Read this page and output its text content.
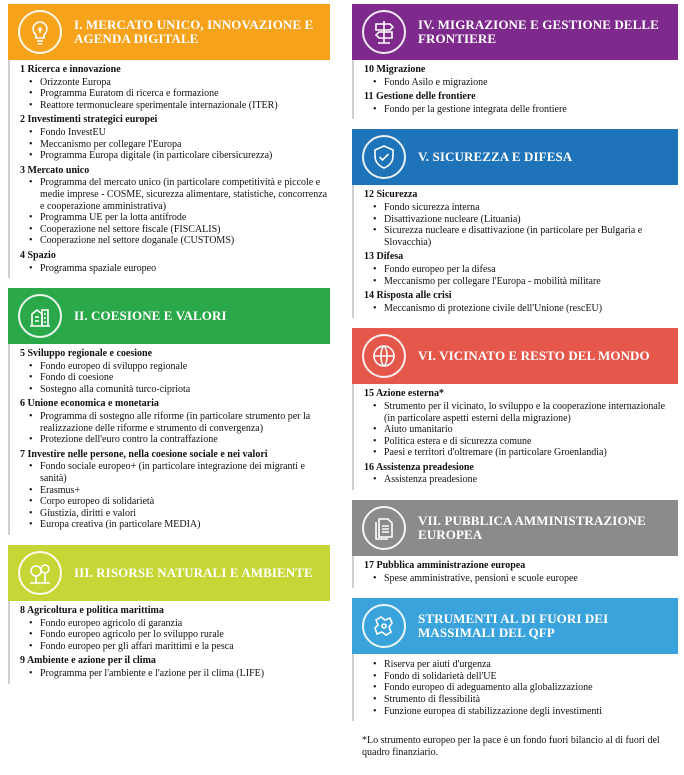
I. MERCATO UNICO, INNOVAZIONE E AGENDA DIGITALE
1 Ricerca e innovazione
• Orizzonte Europa
• Programma Euratom di ricerca e formazione
• Reattore termonucleare sperimentale internazionale (ITER)
2 Investimenti strategici europei
• Fondo InvestEU
• Meccanismo per collegare l'Europa
• Programma Europa digitale (in particolare cibersicurezza)
3 Mercato unico
• Programma del mercato unico (in particolare competitività e piccole e medie imprese - COSME, sicurezza alimentare, statistiche, concorrenza e cooperazione amministrativa)
• Programma UE per la lotta antifrode
• Cooperazione nel settore fiscale (FISCALIS)
• Cooperazione nel settore doganale (CUSTOMS)
4 Spazio
• Programma spaziale europeo
II. COESIONE E VALORI
5 Sviluppo regionale e coesione
• Fondo europeo di sviluppo regionale
• Fondo di coesione
• Sostegno alla comunità turco-cipriota
6 Unione economica e monetaria
• Programma di sostegno alle riforme (in particolare strumento per la realizzazione delle riforme e strumento di convergenza)
• Protezione dell'euro contro la contraffazione
7 Investire nelle persone, nella coesione sociale e nei valori
• Fondo sociale europeo+ (in particolare integrazione dei migranti e sanità)
• Erasmus+
• Corpo europeo di solidarietà
• Giustizia, diritti e valori
• Europa creativa (in particolare MEDIA)
III. RISORSE NATURALI E AMBIENTE
8 Agricoltura e politica marittima
• Fondo europeo agricolo di garanzia
• Fondo europeo agricolo per lo sviluppo rurale
• Fondo europeo per gli affari marittimi e la pesca
9 Ambiente e azione per il clima
• Programma per l'ambiente e l'azione per il clima (LIFE)
IV. MIGRAZIONE E GESTIONE DELLE FRONTIERE
10 Migrazione
• Fondo Asilo e migrazione
11 Gestione delle frontiere
• Fondo per la gestione integrata delle frontiere
V. SICUREZZA E DIFESA
12 Sicurezza
• Fondo sicurezza interna
• Disattivazione nucleare (Lituania)
• Sicurezza nucleare e disattivazione (in particolare per Bulgaria e Slovacchia)
13 Difesa
• Fondo europeo per la difesa
• Meccanismo per collegare l'Europa - mobilità militare
14 Risposta alle crisi
• Meccanismo di protezione civile dell'Unione (rescEU)
VI. VICINATO E RESTO DEL MONDO
15 Azione esterna*
• Strumento per il vicinato, lo sviluppo e la cooperazione internazionale (in particolare aspetti esterni della migrazione)
• Aiuto umanitario
• Politica estera e di sicurezza comune
• Paesi e territori d'oltremare (in particolare Groenlandia)
16 Assistenza preadesione
• Assistenza preadesione
VII. PUBBLICA AMMINISTRAZIONE EUROPEA
17 Pubblica amministrazione europea
• Spese amministrative, pensioni e scuole europee
STRUMENTI AL DI FUORI DEI MASSIMALI DEL QFP
• Riserva per aiuti d'urgenza
• Fondo di solidarietà dell'UE
• Fondo europeo di adeguamento alla globalizzazione
• Strumento di flessibilità
• Funzione europea di stabilizzazione degli investimenti
*Lo strumento europeo per la pace è un fondo fuori bilancio al di fuori del quadro finanziario.
